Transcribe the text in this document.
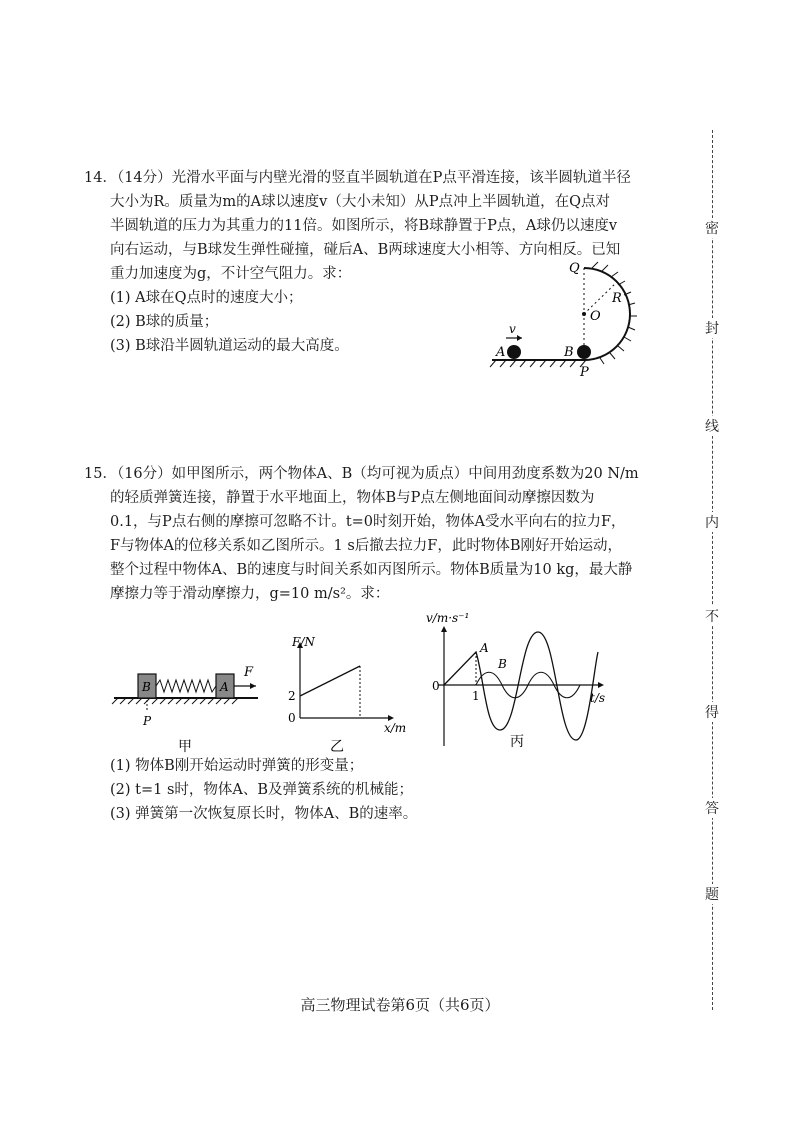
14．（14分）光滑水平面与内壁光滑的竖直半圆轨道在P点平滑连接，该半圆轨道半径
大小为R。质量为m的A球以速度v（大小未知）从P点冲上半圆轨道，在Q点对
半圆轨道的压力为其重力的11倍。如图所示，将B球静置于P点，A球仍以速度v
向右运动，与B球发生弹性碰撞，碰后A、B两球速度大小相等、方向相反。已知
重力加速度为g，不计空气阻力。求：
(1) A球在Q点时的速度大小；
(2) B球的质量；
(3) B球沿半圆轨道运动的最大高度。
v
A	B
P
Q
O
R
15．（16分）如甲图所示，两个物体A、B（均可视为质点）中间用劲度系数为20 N/m
的轻质弹簧连接，静置于水平地面上，物体B与P点左侧地面间动摩擦因数为
0.1，与P点右侧的摩擦可忽略不计。t=0时刻开始，物体A受水平向右的拉力F，
F与物体A的位移关系如乙图所示。1 s后撤去拉力F，此时物体B刚好开始运动，
整个过程中物体A、B的速度与时间关系如丙图所示。物体B质量为10 kg，最大静
摩擦力等于滑动摩擦力，g=10 m/s²。求：
B	A
F
P
甲
F/N
x/m
2
0
乙
v/m·s⁻¹
t/s
0
1
A
B
丙
(1) 物体B刚开始运动时弹簧的形变量；
(2) t=1 s时，物体A、B及弹簧系统的机械能；
(3) 弹簧第一次恢复原长时，物体A、B的速率。
密
封
线
内
不
得
答
题
高三物理试卷第6页（共6页）
